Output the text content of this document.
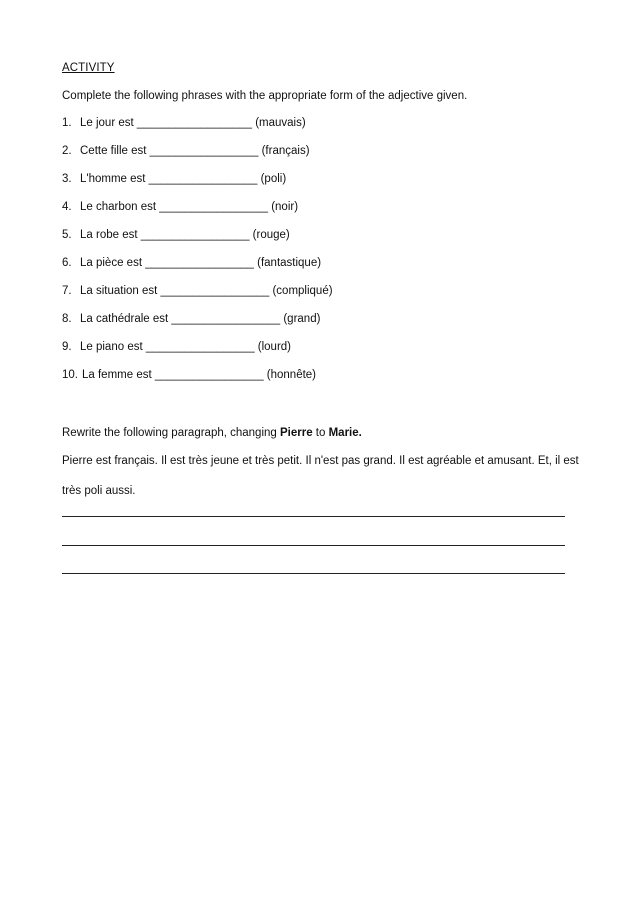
ACTIVITY
Complete the following phrases with the appropriate form of the adjective given.
1. Le jour est __________________ (mauvais)
2. Cette fille est _________________ (français)
3. L'homme est _________________ (poli)
4. Le charbon est _________________ (noir)
5. La robe est _________________ (rouge)
6. La pièce est _________________ (fantastique)
7. La situation est _________________ (compliqué)
8. La cathédrale est _________________ (grand)
9. Le piano est _________________ (lourd)
10. La femme est _________________ (honnête)
Rewrite the following paragraph, changing Pierre to Marie.
Pierre est français. Il est très jeune et très petit. Il n'est pas grand. Il est agréable et amusant. Et, il est très poli aussi.
